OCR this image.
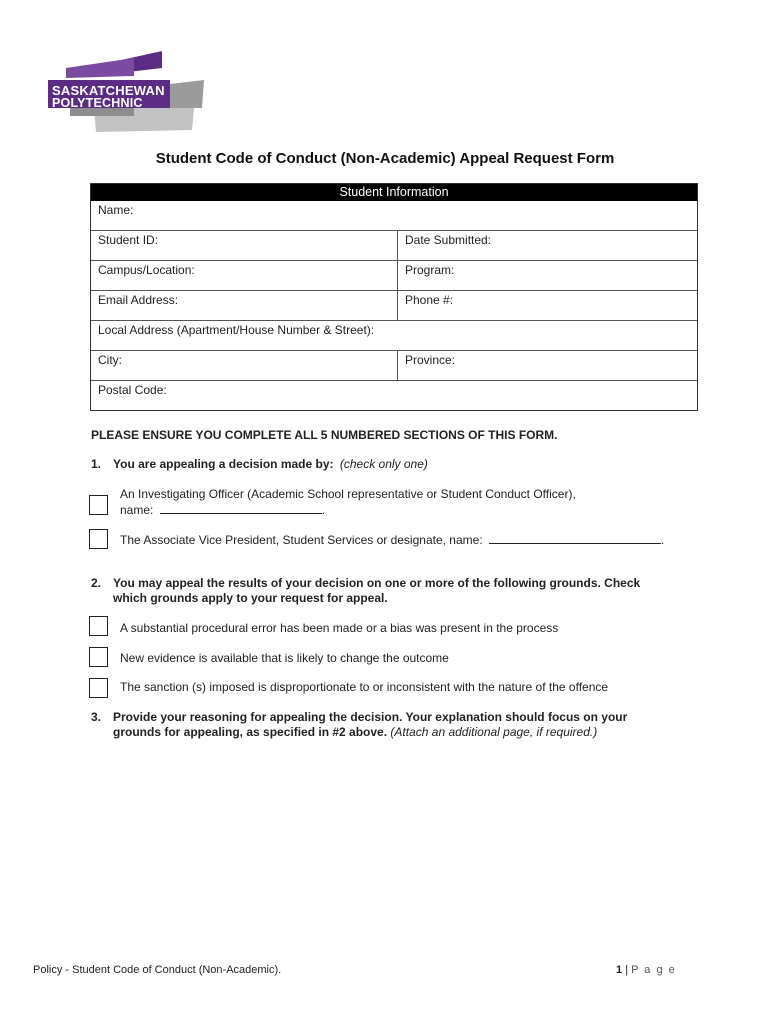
SASKATCHEWAN
POLYTECHNIC
Student Code of Conduct (Non-Academic) Appeal Request Form
Student Information
Name:
Student ID:	Date Submitted:
Campus/Location:	Program:
Email Address:	Phone #:
Local Address (Apartment/House Number & Street):
City:	Province:
Postal Code:
PLEASE ENSURE YOU COMPLETE ALL 5 NUMBERED SECTIONS OF THIS FORM.
1. You are appealing a decision made by: (check only one)
An Investigating Officer (Academic School representative or Student Conduct Officer),
name:	.
The Associate Vice President, Student Services or designate, name:	.
2. You may appeal the results of your decision on one or more of the following grounds. Check
which grounds apply to your request for appeal.
A substantial procedural error has been made or a bias was present in the process
New evidence is available that is likely to change the outcome
The sanction (s) imposed is disproportionate to or inconsistent with the nature of the offence
3. Provide your reasoning for appealing the decision. Your explanation should focus on your
grounds for appealing, as specified in #2 above. (Attach an additional page, if required.)
Policy - Student Code of Conduct (Non-Academic).	1 | P a g e
